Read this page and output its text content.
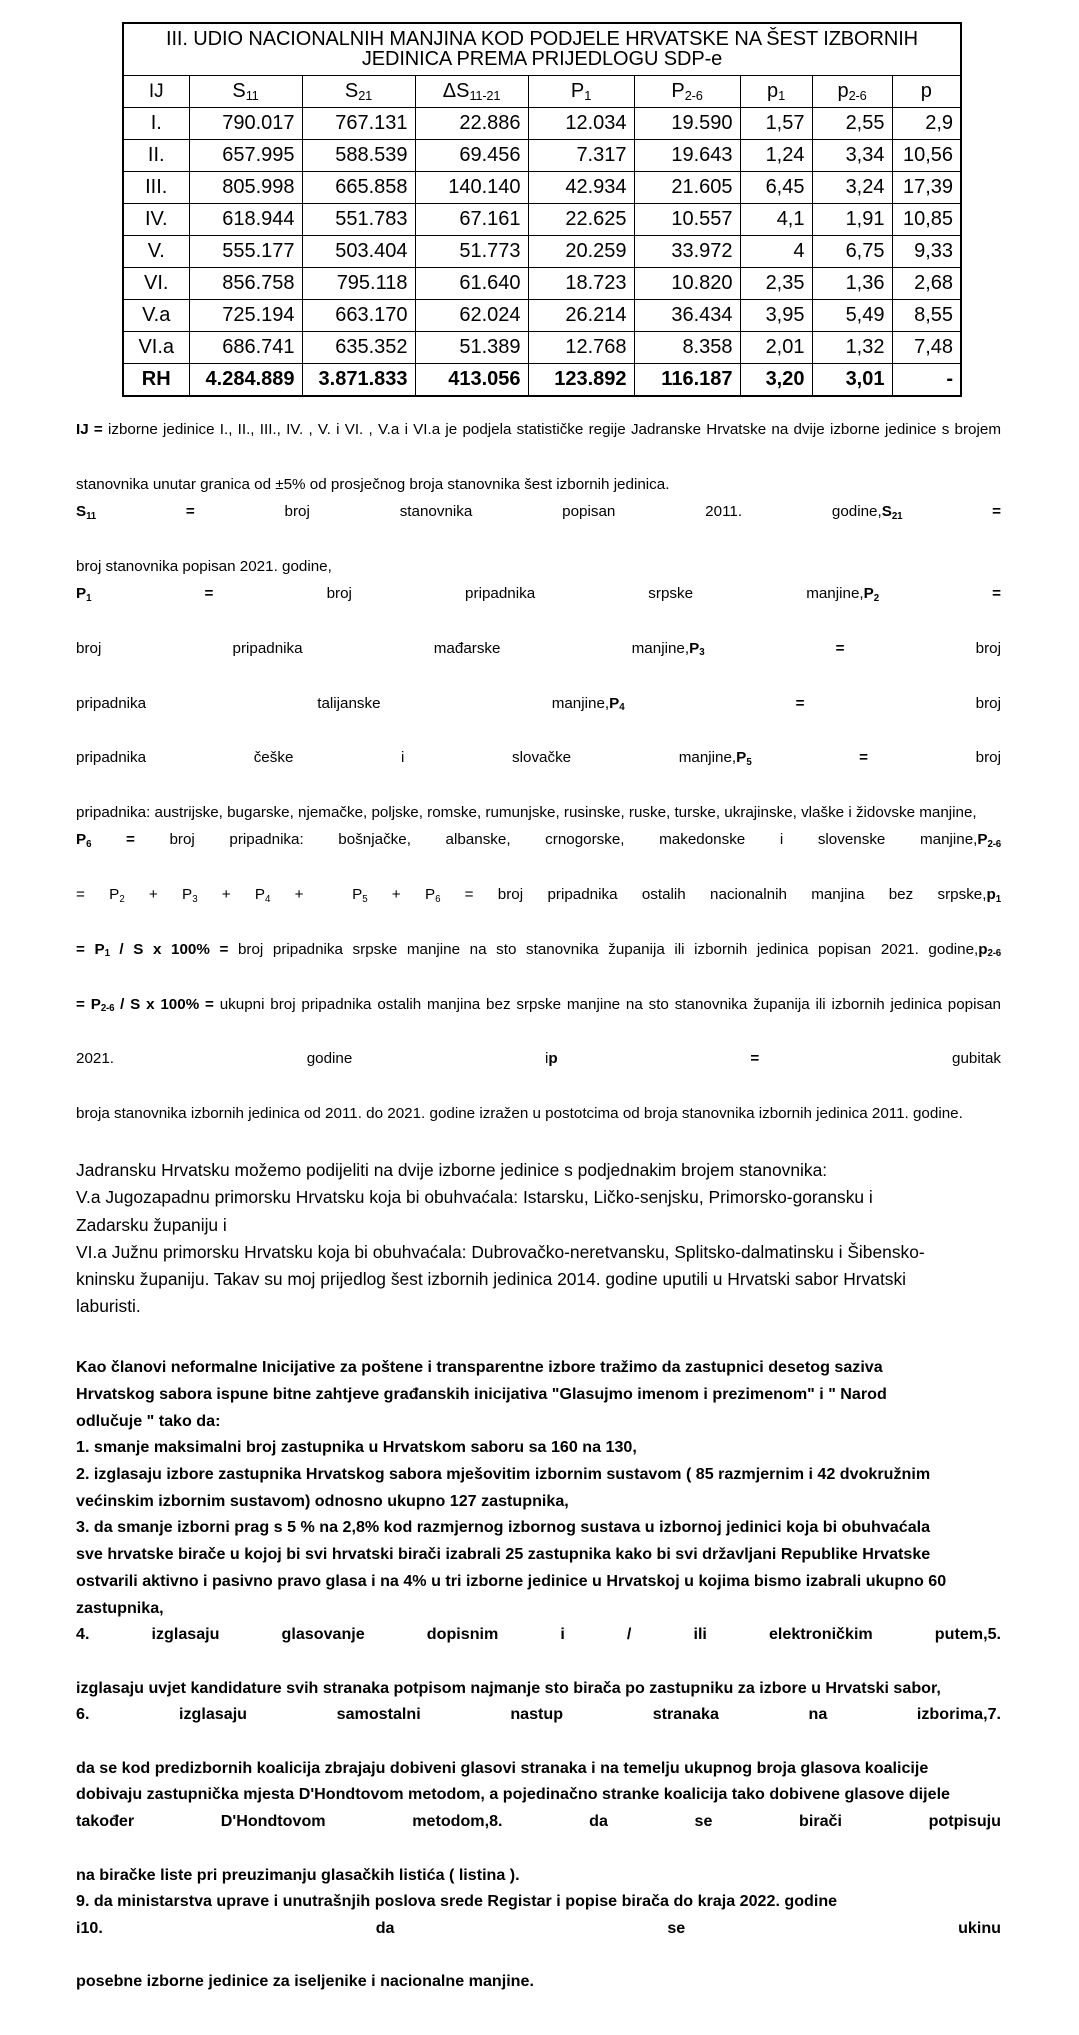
III. UDIO NACIONALNIH MANJINA KOD PODJELE HRVATSKE NA ŠEST IZBORNIH
JEDINICA PREMA PRIJEDLOGU SDP-e								
IJ	$S_{11}$	$S_{21}$	$\Delta S_{11-21}$	$P_1$	$P_{2-6}$	$p_1$	$p_{2-6}$	p
I.	790.017	767.131	22.886	12.034	19.590	1,57	2,55	2,9
II.	657.995	588.539	69.456	7.317	19.643	1,24	3,34	10,56
III.	805.998	665.858	140.140	42.934	21.605	6,45	3,24	17,39
IV.	618.944	551.783	67.161	22.625	10.557	4,1	1,91	10,85
V.	555.177	503.404	51.773	20.259	33.972	4	6,75	9,33
VI.	856.758	795.118	61.640	18.723	10.820	2,35	1,36	2,68
V.a	725.194	663.170	62.024	26.214	36.434	3,95	5,49	8,55
VI.a	686.741	635.352	51.389	12.768	8.358	2,01	1,32	7,48
RH	4.284.889	3.871.833	413.056	123.892	116.187	3,20	3,01	-

IJ = izborne jedinice I., II., III., IV. , V. i VI. , V.a i VI.a je podjela statističke regije Jadranske Hrvatske na dvije izborne jedinice s brojem

stanovnika unutar granica od ±5% od prosječnog broja stanovnika šest izbornih jedinica.

$S_{11}$ = broj stanovnika popisan 2011. $godine,S_{21}$ =

broj stanovnika popisan 2021. godine,

$P_1$ = broj pripadnika srpske $manjine,P_2$ =

broj pripadnika mađarske $manjine,P_3$ = broj

pripadnika talijanske $manjine,P_4$ = broj

pripadnika češke i slovačke $manjine,P_5$ = broj

pripadnika: austrijske, bugarske, njemačke, poljske, romske, rumunjske, rusinske, ruske, turske, ukrajinske, vlaške i židovske manjine,

$P_6$ = broj pripadnika: bošnjačke, albanske, crnogorske, makedonske i slovenske $manjine,P_{2-6}$

= $P_2 + P_3 + P_4 + P_5 + P_6$ = broj pripadnika ostalih nacionalnih manjina bez $srpske,p_1$

= $P_1$ / S x 100% = broj pripadnika srpske manjine na sto stanovnika županija ili izbornih jedinica popisan 2021. $godine,p_{2-6}$

= $P_{2-6}$ / S x 100% = ukupni broj pripadnika ostalih manjina bez srpske manjine na sto stanovnika županija ili izbornih jedinica popisan

2021. godine ip = gubitak

broja stanovnika izbornih jedinica od 2011. do 2021. godine izražen u postotcima od broja stanovnika izbornih jedinica 2011. godine.

Jadransku Hrvatsku možemo podijeliti na dvije izborne jedinice s podjednakim brojem stanovnika:

V.a Jugozapadnu primorsku Hrvatsku koja bi obuhvaćala: Istarsku, Ličko-senjsku, Primorsko-goransku i

Zadarsku županiju i

VI.a Južnu primorsku Hrvatsku koja bi obuhvaćala: Dubrovačko-neretvansku, Splitsko-dalmatinsku i Šibensko-

kninsku županiju. Takav su moj prijedlog šest izbornih jedinica 2014. godine uputili u Hrvatski sabor Hrvatski

laburisti.

Kao članovi neformalne Inicijative za poštene i transparentne izbore tražimo da zastupnici desetog saziva

Hrvatskog sabora ispune bitne zahtjeve građanskih inicijativa "Glasujmo imenom i prezimenom" i " Narod

odlučuje " tako da:

1. smanje maksimalni broj zastupnika u Hrvatskom saboru sa 160 na 130,

2. izglasaju izbore zastupnika Hrvatskog sabora mješovitim izbornim sustavom ( 85 razmjernim i 42 dvokružnim

većinskim izbornim sustavom) odnosno ukupno 127 zastupnika,

3. da smanje izborni prag s 5 % na 2,8% kod razmjernog izbornog sustava u izbornoj jedinici koja bi obuhvaćala

sve hrvatske birače u kojoj bi svi hrvatski birači izabrali 25 zastupnika kako bi svi državljani Republike Hrvatske

ostvarili aktivno i pasivno pravo glasa i na 4% u tri izborne jedinice u Hrvatskoj u kojima bismo izabrali ukupno 60

zastupnika,

4. izglasaju glasovanje dopisnim i / ili elektroničkim putem,5.

izglasaju uvjet kandidature svih stranaka potpisom najmanje sto birača po zastupniku za izbore u Hrvatski sabor,

6. izglasaju samostalni nastup stranaka na izborima,7.

da se kod predizbornih koalicija zbrajaju dobiveni glasovi stranaka i na temelju ukupnog broja glasova koalicije

dobivaju zastupnička mjesta D'Hondtovom metodom, a pojedinačno stranke koalicija tako dobivene glasove dijele

također D'Hondtovom metodom,8. da se birači potpisuju

na biračke liste pri preuzimanju glasačkih listića ( listina ).

9. da ministarstva uprave i unutrašnjih poslova srede Registar i popise birača do kraja 2022. godine

i10. da se ukinu

posebne izborne jedinice za iseljenike i nacionalne manjine.
